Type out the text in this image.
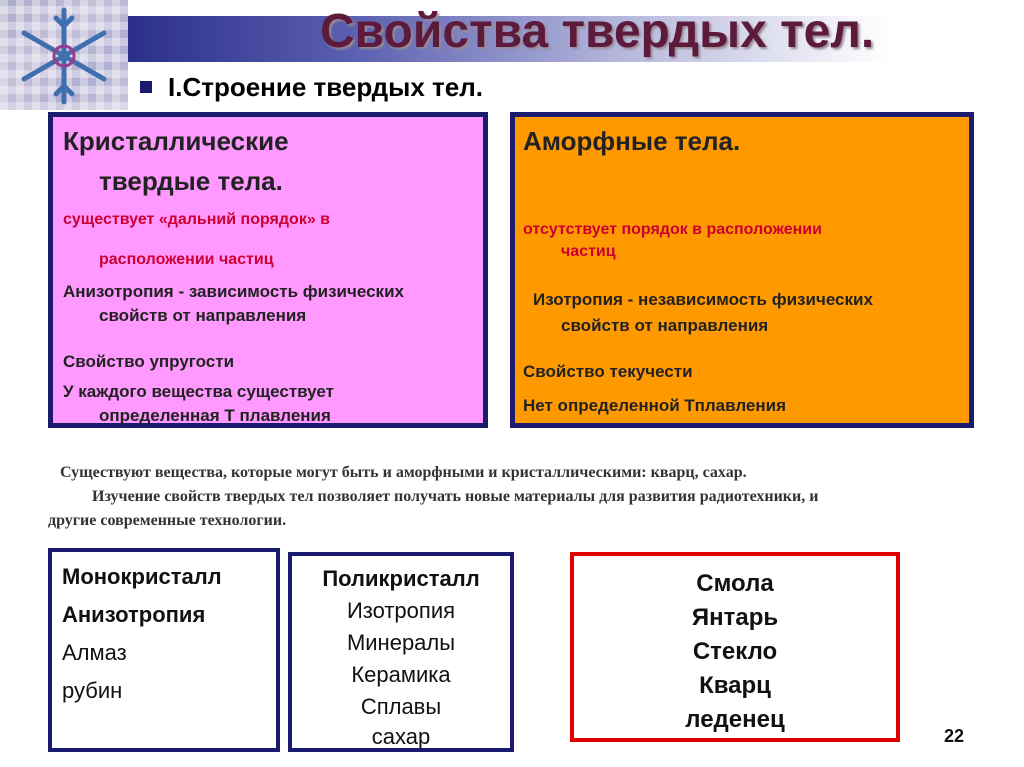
Свойства твердых тел.
I.Строение твердых тел.
Кристаллические
твердые тела.
существует «дальний порядок» в
расположении частиц
Анизотропия - зависимость физических
свойств от направления
Свойство упругости
У каждого вещества существует
определенная Т плавления
Аморфные тела.
отсутствует порядок в расположении
частиц
Изотропия - независимость физических
свойств от направления
Свойство текучести
Нет определенной Тплавления
Существуют вещества, которые могут быть и аморфными и кристаллическими: кварц, сахар.
Изучение свойств твердых тел позволяет получать новые материалы для развития радиотехники, и
другие современные технологии.
Монокристалл
Анизотропия
Алмаз
рубин
Поликристалл
Изотропия
Минералы
Керамика
Сплавы
сахар
Смола
Янтарь
Стекло
Кварц
леденец
22
